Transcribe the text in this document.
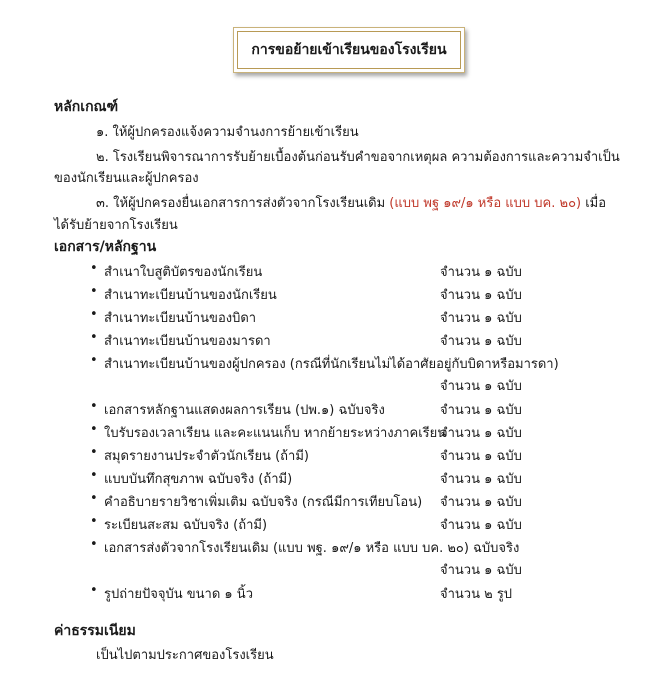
การขอย้ายเข้าเรียนของโรงเรียน
หลักเกณฑ์
๑. ให้ผู้ปกครองแจ้งความจำนงการย้ายเข้าเรียน
๒. โรงเรียนพิจารณาการรับย้ายเบื้องต้นก่อนรับคำขอจากเหตุผล ความต้องการและความจำเป็น
ของนักเรียนและผู้ปกครอง
๓. ให้ผู้ปกครองยื่นเอกสารการส่งตัวจากโรงเรียนเดิม (แบบ พฐ ๑๙/๑ หรือ แบบ บค. ๒๐) เมื่อ
ได้รับย้ายจากโรงเรียน
เอกสาร/หลักฐาน
• สำเนาใบสูติบัตรของนักเรียน	จำนวน ๑ ฉบับ
• สำเนาทะเบียนบ้านของนักเรียน	จำนวน ๑ ฉบับ
• สำเนาทะเบียนบ้านของบิดา	จำนวน ๑ ฉบับ
• สำเนาทะเบียนบ้านของมารดา	จำนวน ๑ ฉบับ
• สำเนาทะเบียนบ้านของผู้ปกครอง (กรณีที่นักเรียนไม่ได้อาศัยอยู่กับบิดาหรือมารดา)
จำนวน ๑ ฉบับ
• เอกสารหลักฐานแสดงผลการเรียน (ปพ.๑) ฉบับจริง	จำนวน ๑ ฉบับ
• ใบรับรองเวลาเรียน และคะแนนเก็บ หากย้ายระหว่างภาคเรียน
จำนวน ๑ ฉบับ
• สมุดรายงานประจำตัวนักเรียน (ถ้ามี)	จำนวน ๑ ฉบับ
• แบบบันทึกสุขภาพ ฉบับจริง (ถ้ามี)	จำนวน ๑ ฉบับ
• คำอธิบายรายวิชาเพิ่มเติม ฉบับจริง (กรณีมีการเทียบโอน) จำนวน ๑ ฉบับ
• ระเบียนสะสม ฉบับจริง (ถ้ามี)	จำนวน ๑ ฉบับ
• เอกสารส่งตัวจากโรงเรียนเดิม (แบบ พฐ. ๑๙/๑ หรือ แบบ บค. ๒๐) ฉบับจริง
จำนวน ๑ ฉบับ
• รูปถ่ายปัจจุบัน ขนาด ๑ นิ้ว	จำนวน ๒ รูป
ค่าธรรมเนียม
เป็นไปตามประกาศของโรงเรียน
